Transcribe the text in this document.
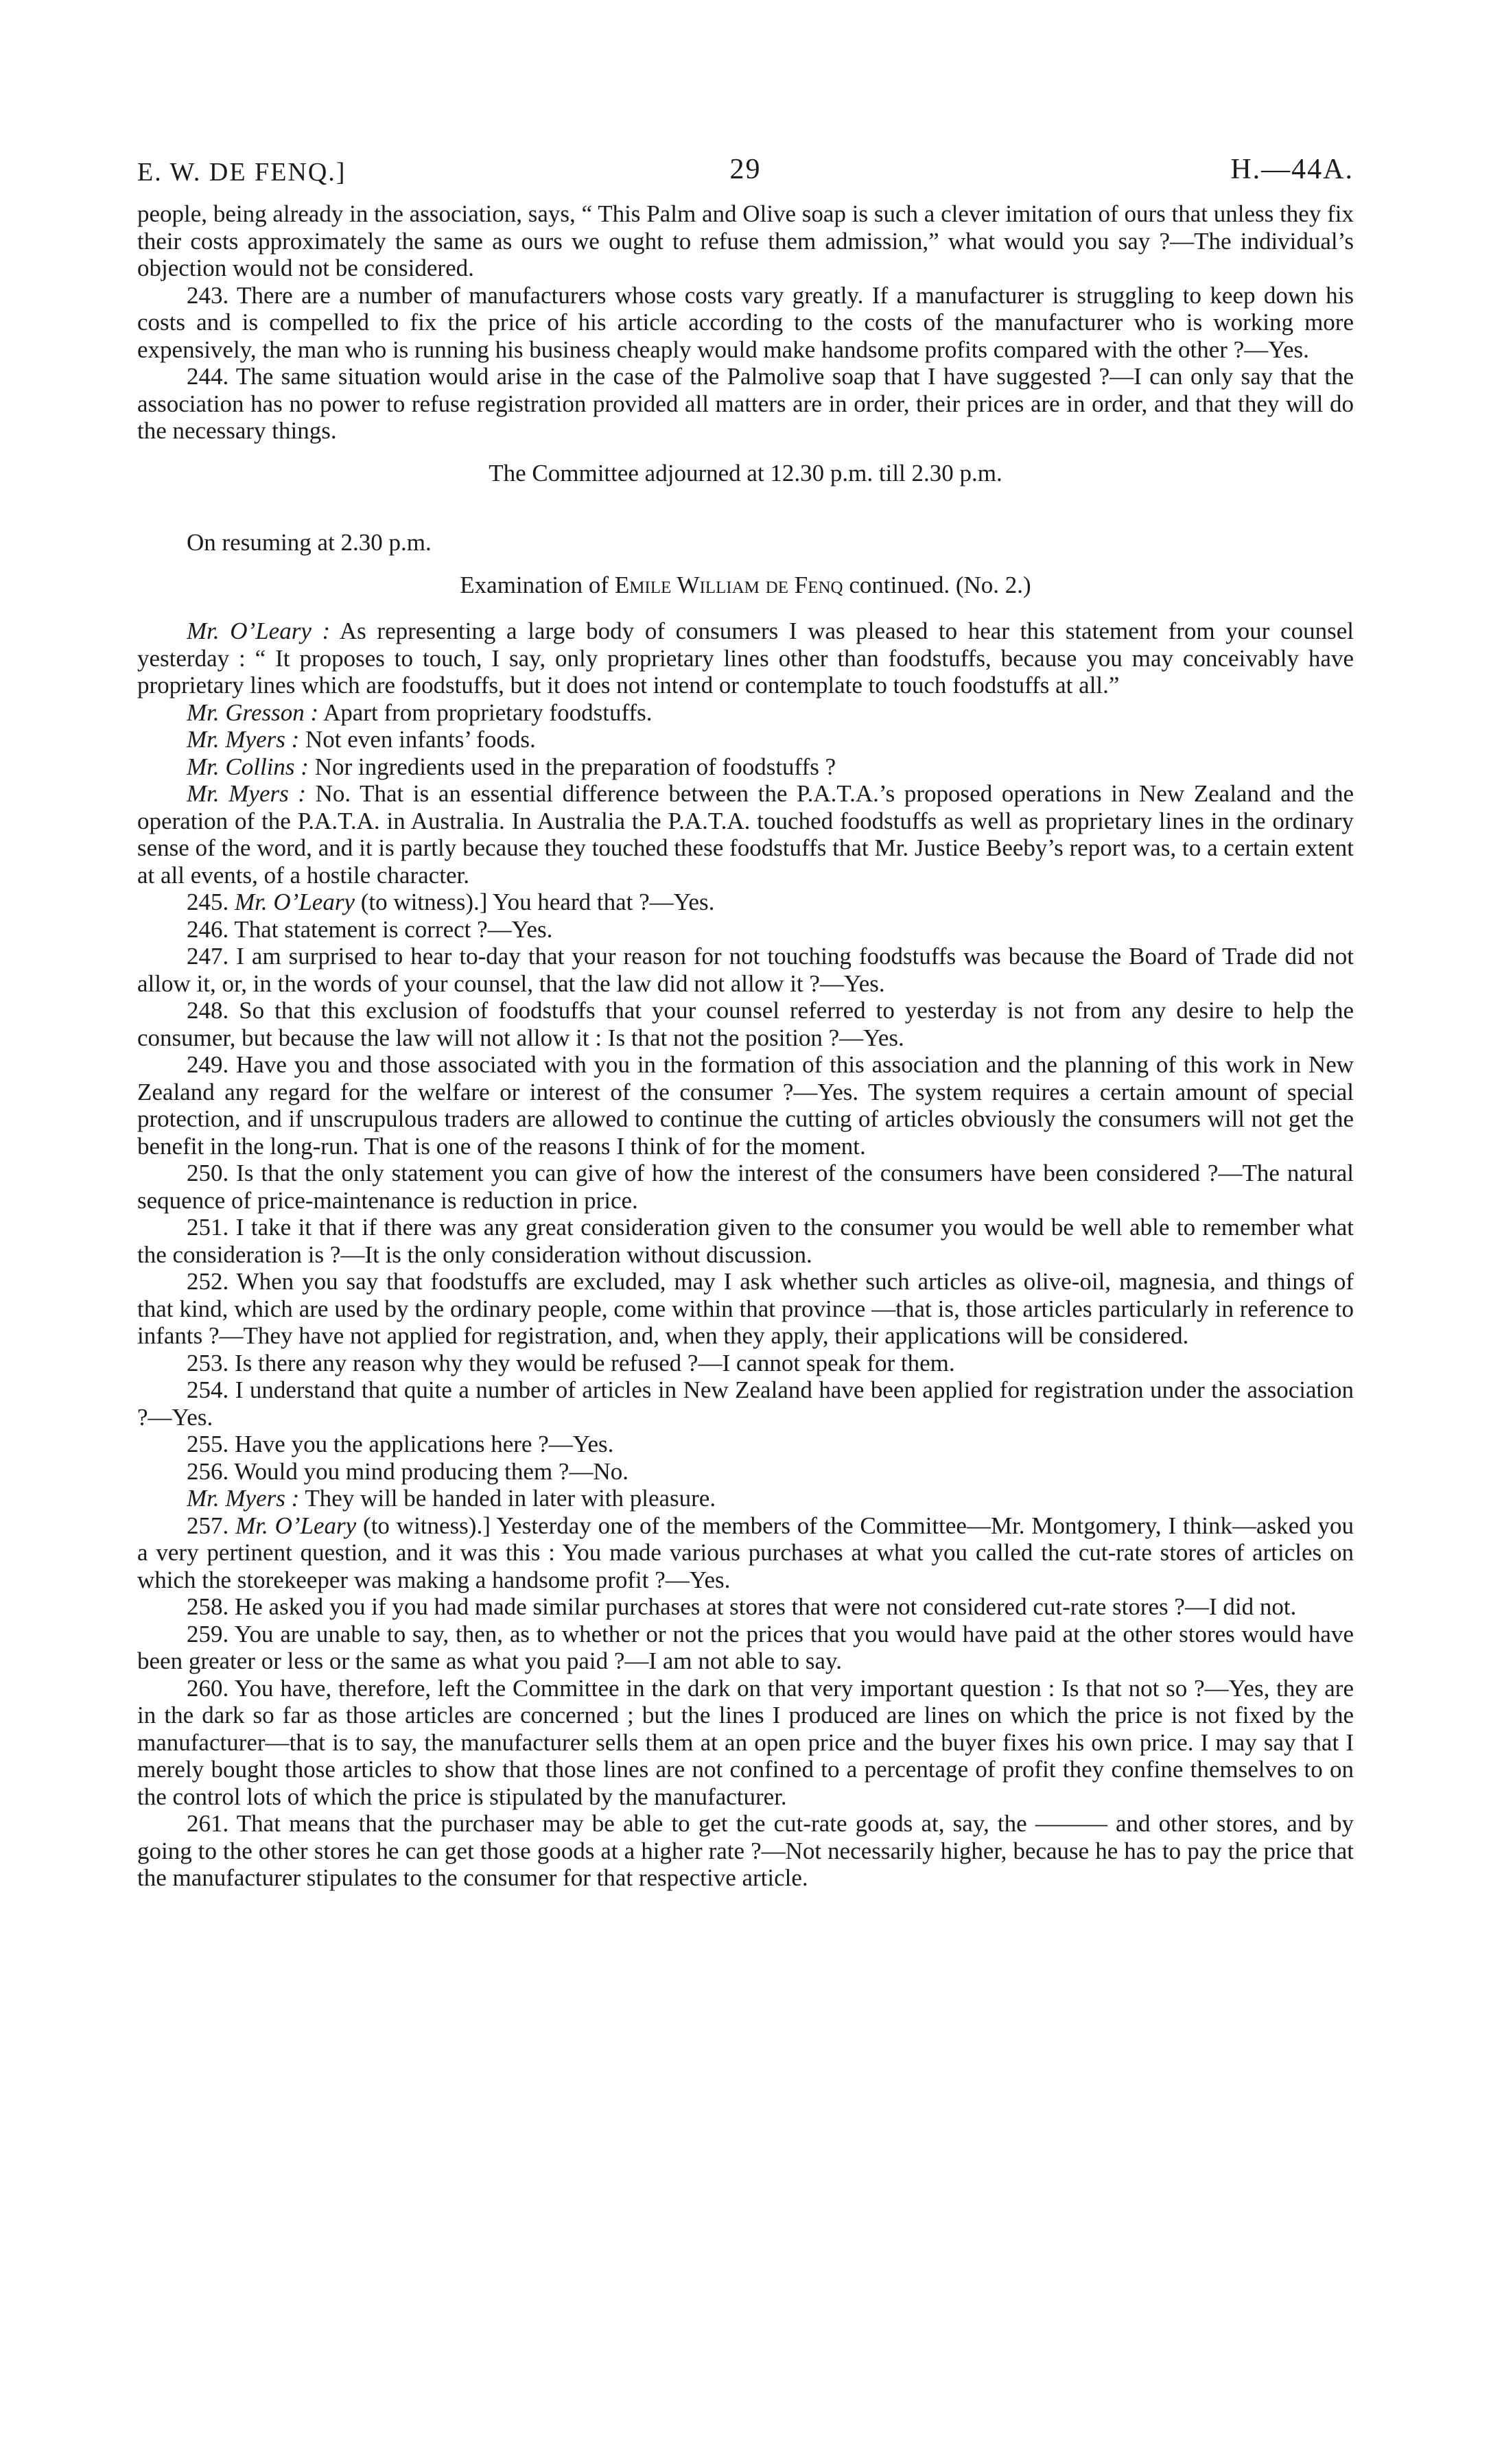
E. W. DE FENQ.]	29	H.—44A.

people, being already in the association, says, “ This Palm and Olive soap is such a clever imitation of ours that unless they fix their costs approximately the same as ours we ought to refuse them admission,” what would you say ?—The individual’s objection would not be considered.

243. There are a number of manufacturers whose costs vary greatly. If a manufacturer is struggling to keep down his costs and is compelled to fix the price of his article according to the costs of the manufacturer who is working more expensively, the man who is running his business cheaply would make handsome profits compared with the other ?—Yes.

244. The same situation would arise in the case of the Palmolive soap that I have suggested ?—I can only say that the association has no power to refuse registration provided all matters are in order, their prices are in order, and that they will do the necessary things.

The Committee adjourned at 12.30 p.m. till 2.30 p.m.

On resuming at 2.30 p.m.

Examination of Emile William de Fenq continued. (No. 2.)

Mr. O’Leary : As representing a large body of consumers I was pleased to hear this statement from your counsel yesterday : “ It proposes to touch, I say, only proprietary lines other than foodstuffs, because you may conceivably have proprietary lines which are foodstuffs, but it does not intend or contemplate to touch foodstuffs at all.”

Mr. Gresson : Apart from proprietary foodstuffs.

Mr. Myers : Not even infants’ foods.

Mr. Collins : Nor ingredients used in the preparation of foodstuffs ?

Mr. Myers : No. That is an essential difference between the P.A.T.A.’s proposed operations in New Zealand and the operation of the P.A.T.A. in Australia. In Australia the P.A.T.A. touched foodstuffs as well as proprietary lines in the ordinary sense of the word, and it is partly because they touched these foodstuffs that Mr. Justice Beeby’s report was, to a certain extent at all events, of a hostile character.

245. Mr. O’Leary (to witness).] You heard that ?—Yes.

246. That statement is correct ?—Yes.

247. I am surprised to hear to-day that your reason for not touching foodstuffs was because the Board of Trade did not allow it, or, in the words of your counsel, that the law did not allow it ?—Yes.

248. So that this exclusion of foodstuffs that your counsel referred to yesterday is not from any desire to help the consumer, but because the law will not allow it : Is that not the position ?—Yes.

249. Have you and those associated with you in the formation of this association and the planning of this work in New Zealand any regard for the welfare or interest of the consumer ?—Yes. The system requires a certain amount of special protection, and if unscrupulous traders are allowed to continue the cutting of articles obviously the consumers will not get the benefit in the long-run. That is one of the reasons I think of for the moment.

250. Is that the only statement you can give of how the interest of the consumers have been considered ?—The natural sequence of price-maintenance is reduction in price.

251. I take it that if there was any great consideration given to the consumer you would be well able to remember what the consideration is ?—It is the only consideration without discussion.

252. When you say that foodstuffs are excluded, may I ask whether such articles as olive-oil, magnesia, and things of that kind, which are used by the ordinary people, come within that province —that is, those articles particularly in reference to infants ?—They have not applied for registration, and, when they apply, their applications will be considered.

253. Is there any reason why they would be refused ?—I cannot speak for them.

254. I understand that quite a number of articles in New Zealand have been applied for registration under the association ?—Yes.

255. Have you the applications here ?—Yes.

256. Would you mind producing them ?—No.

Mr. Myers : They will be handed in later with pleasure.

257. Mr. O’Leary (to witness).] Yesterday one of the members of the Committee—Mr. Montgomery, I think—asked you a very pertinent question, and it was this : You made various purchases at what you called the cut-rate stores of articles on which the storekeeper was making a handsome profit ?—Yes.

258. He asked you if you had made similar purchases at stores that were not considered cut-rate stores ?—I did not.

259. You are unable to say, then, as to whether or not the prices that you would have paid at the other stores would have been greater or less or the same as what you paid ?—I am not able to say.

260. You have, therefore, left the Committee in the dark on that very important question : Is that not so ?—Yes, they are in the dark so far as those articles are concerned ; but the lines I produced are lines on which the price is not fixed by the manufacturer—that is to say, the manufacturer sells them at an open price and the buyer fixes his own price. I may say that I merely bought those articles to show that those lines are not confined to a percentage of profit they confine themselves to on the control lots of which the price is stipulated by the manufacturer.

261. That means that the purchaser may be able to get the cut-rate goods at, say, the ——— and other stores, and by going to the other stores he can get those goods at a higher rate ?—Not necessarily higher, because he has to pay the price that the manufacturer stipulates to the consumer for that respective article.
